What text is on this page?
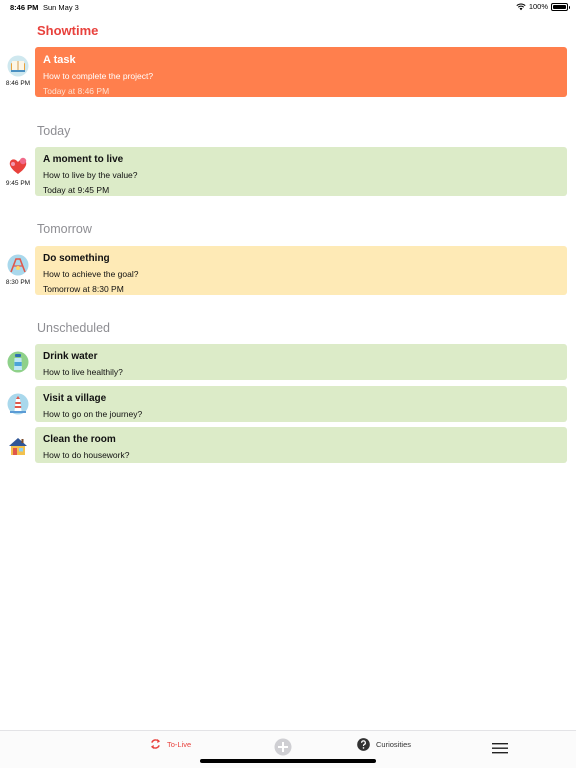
8:46 PM Sun May 3	100%
Showtime
8:46 PM
A task
How to complete the project?
Today at 8:46 PM
Today
9:45 PM
A moment to live
How to live by the value?
Today at 9:45 PM
Tomorrow
8:30 PM
Do something
How to achieve the goal?
Tomorrow at 8:30 PM
Unscheduled
Drink water
How to live healthily?
Visit a village
How to go on the journey?
Clean the room
How to do housework?
To-Live	Curiosities
